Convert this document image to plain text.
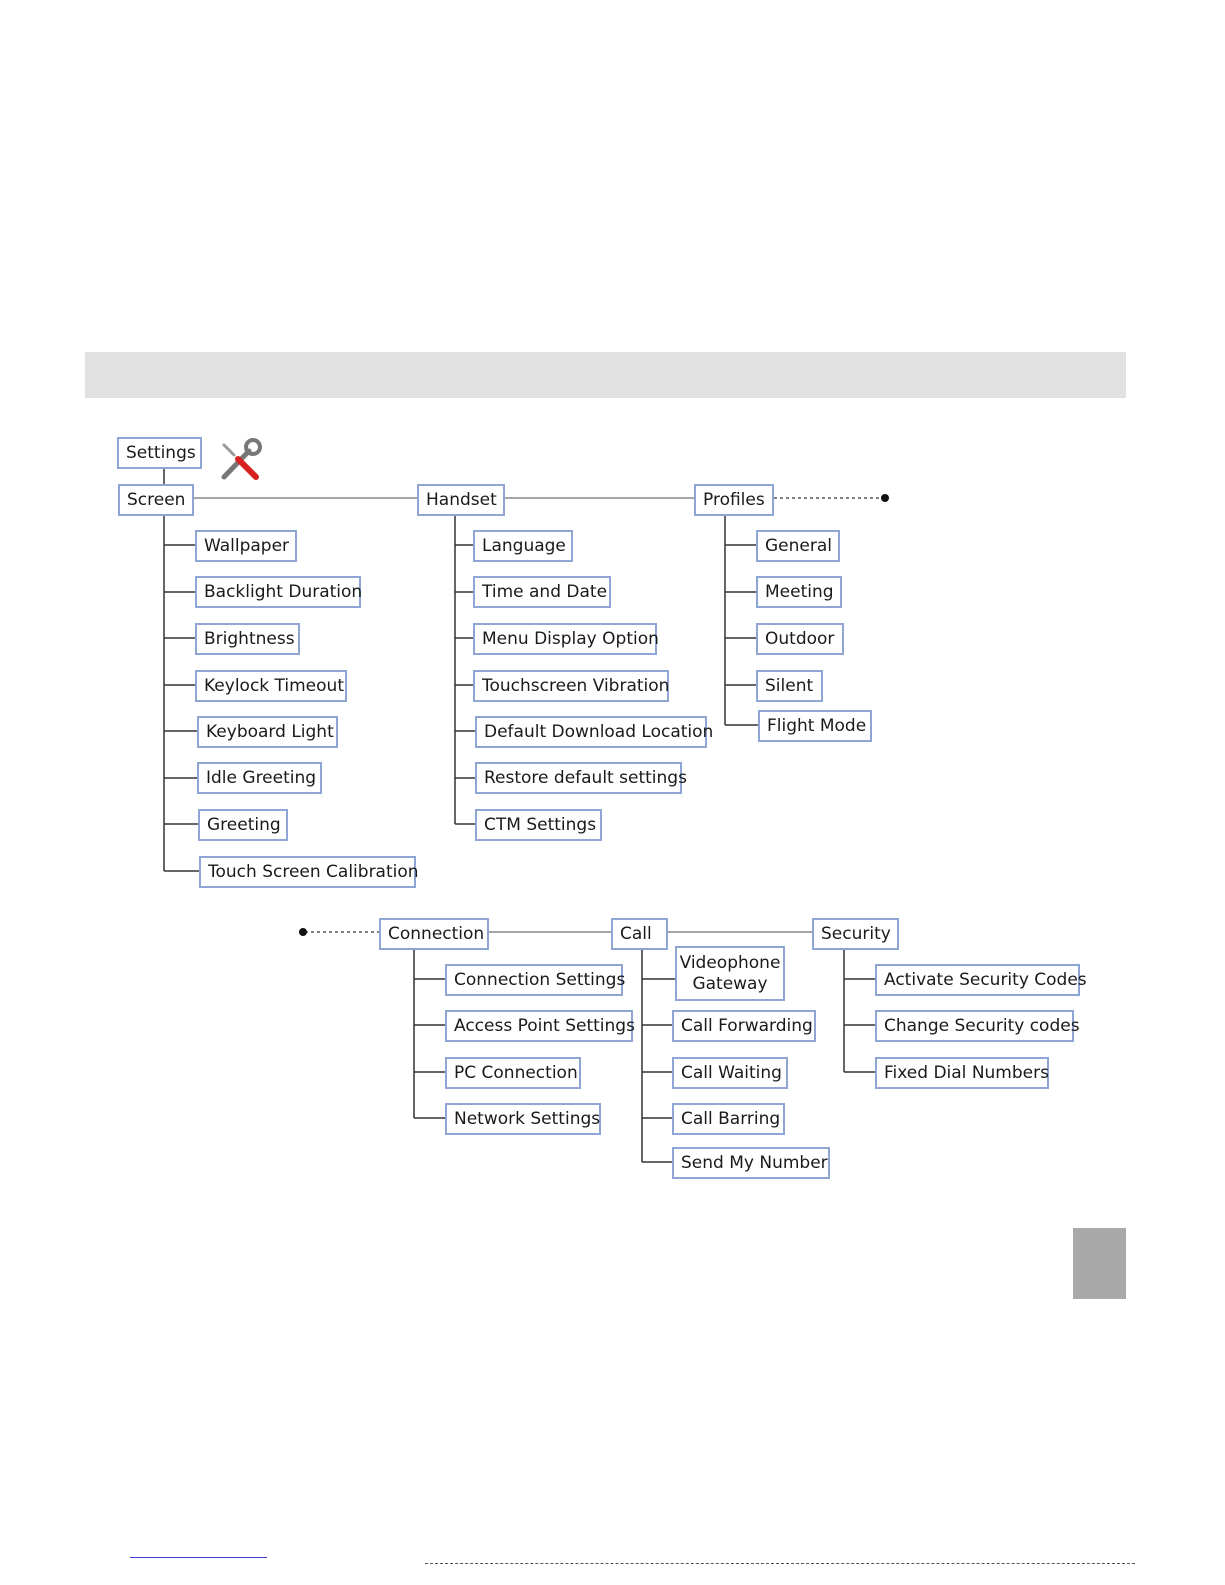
Settings
Screen	Handset	Profiles
Wallpaper
Backlight Duration
Brightness
Keylock Timeout
Keyboard Light
Idle Greeting
Greeting
Touch Screen Calibration
Language
Time and Date
Menu Display Option
Touchscreen Vibration
Default Download Location
Restore default settings
CTM Settings
General
Meeting
Outdoor
Silent
Flight Mode
Connection	Call	Security
Connection Settings
Access Point Settings
PC Connection
Network Settings
Videophone
Gateway
Call Forwarding
Call Waiting
Call Barring
Send My Number
Activate Security Codes
Change Security codes
Fixed Dial Numbers
